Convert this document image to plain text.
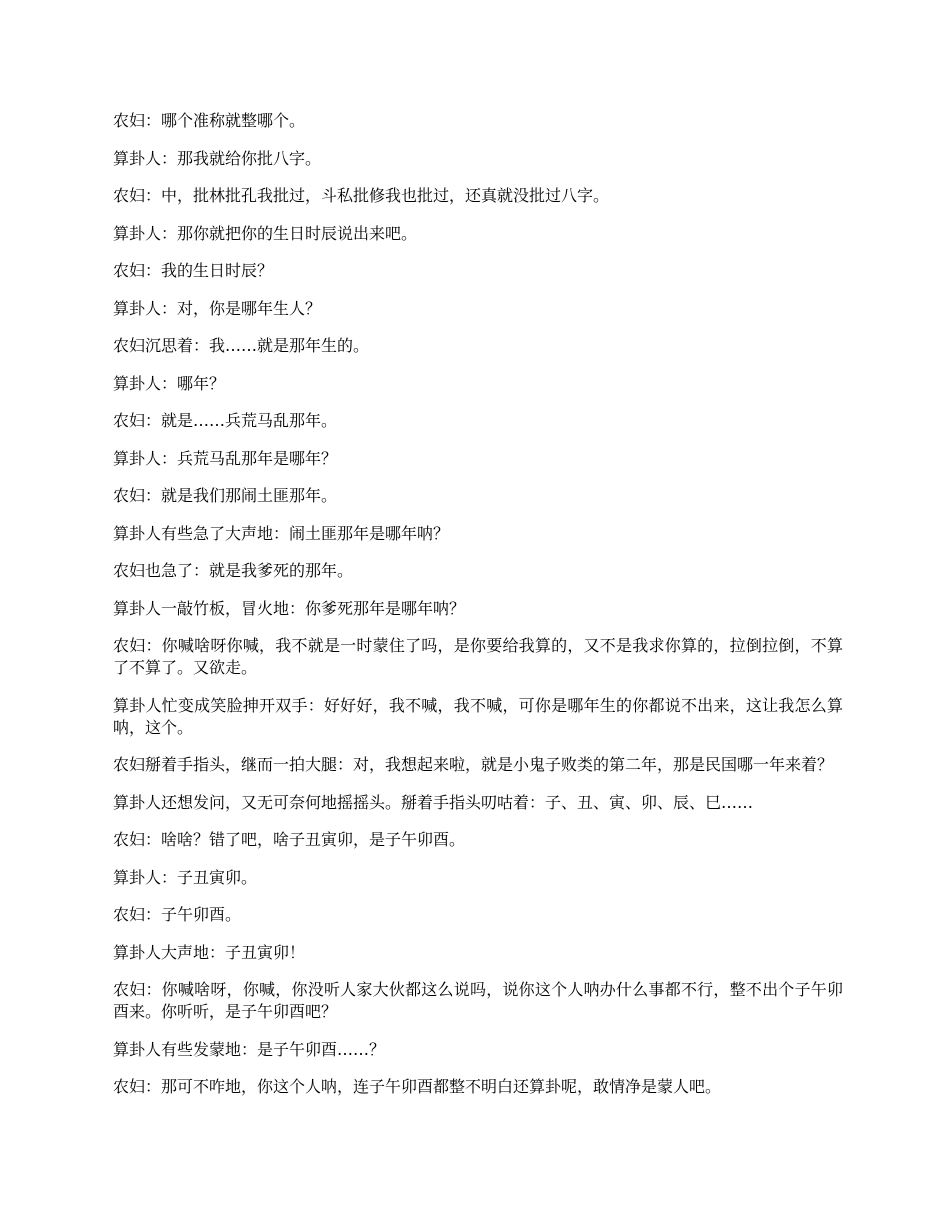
农妇：哪个准称就整哪个。

算卦人：那我就给你批八字。

农妇：中，批林批孔我批过，斗私批修我也批过，还真就没批过八字。

算卦人：那你就把你的生日时辰说出来吧。

农妇：我的生日时辰？

算卦人：对，你是哪年生人？

农妇沉思着：我……就是那年生的。

算卦人：哪年？

农妇：就是……兵荒马乱那年。

算卦人：兵荒马乱那年是哪年？

农妇：就是我们那闹土匪那年。

算卦人有些急了大声地：闹土匪那年是哪年呐？

农妇也急了：就是我爹死的那年。

算卦人一敲竹板，冒火地：你爹死那年是哪年呐？

农妇：你喊啥呀你喊，我不就是一时蒙住了吗，是你要给我算的，又不是我求你算的，拉倒拉倒，不算了不算了。又欲走。

算卦人忙变成笑脸抻开双手：好好好，我不喊，我不喊，可你是哪年生的你都说不出来，这让我怎么算呐，这个。

农妇掰着手指头，继而一拍大腿：对，我想起来啦，就是小鬼子败类的第二年，那是民国哪一年来着？

算卦人还想发问，又无可奈何地摇摇头。掰着手指头叨咕着：子、丑、寅、卯、辰、巳……

农妇：啥啥？错了吧，啥子丑寅卯，是子午卯酉。

算卦人：子丑寅卯。

农妇：子午卯酉。

算卦人大声地：子丑寅卯！

农妇：你喊啥呀，你喊，你没听人家大伙都这么说吗，说你这个人呐办什么事都不行，整不出个子午卯酉来。你听听，是子午卯酉吧？

算卦人有些发蒙地：是子午卯酉……？

农妇：那可不咋地，你这个人呐，连子午卯酉都整不明白还算卦呢，敢情净是蒙人吧。
